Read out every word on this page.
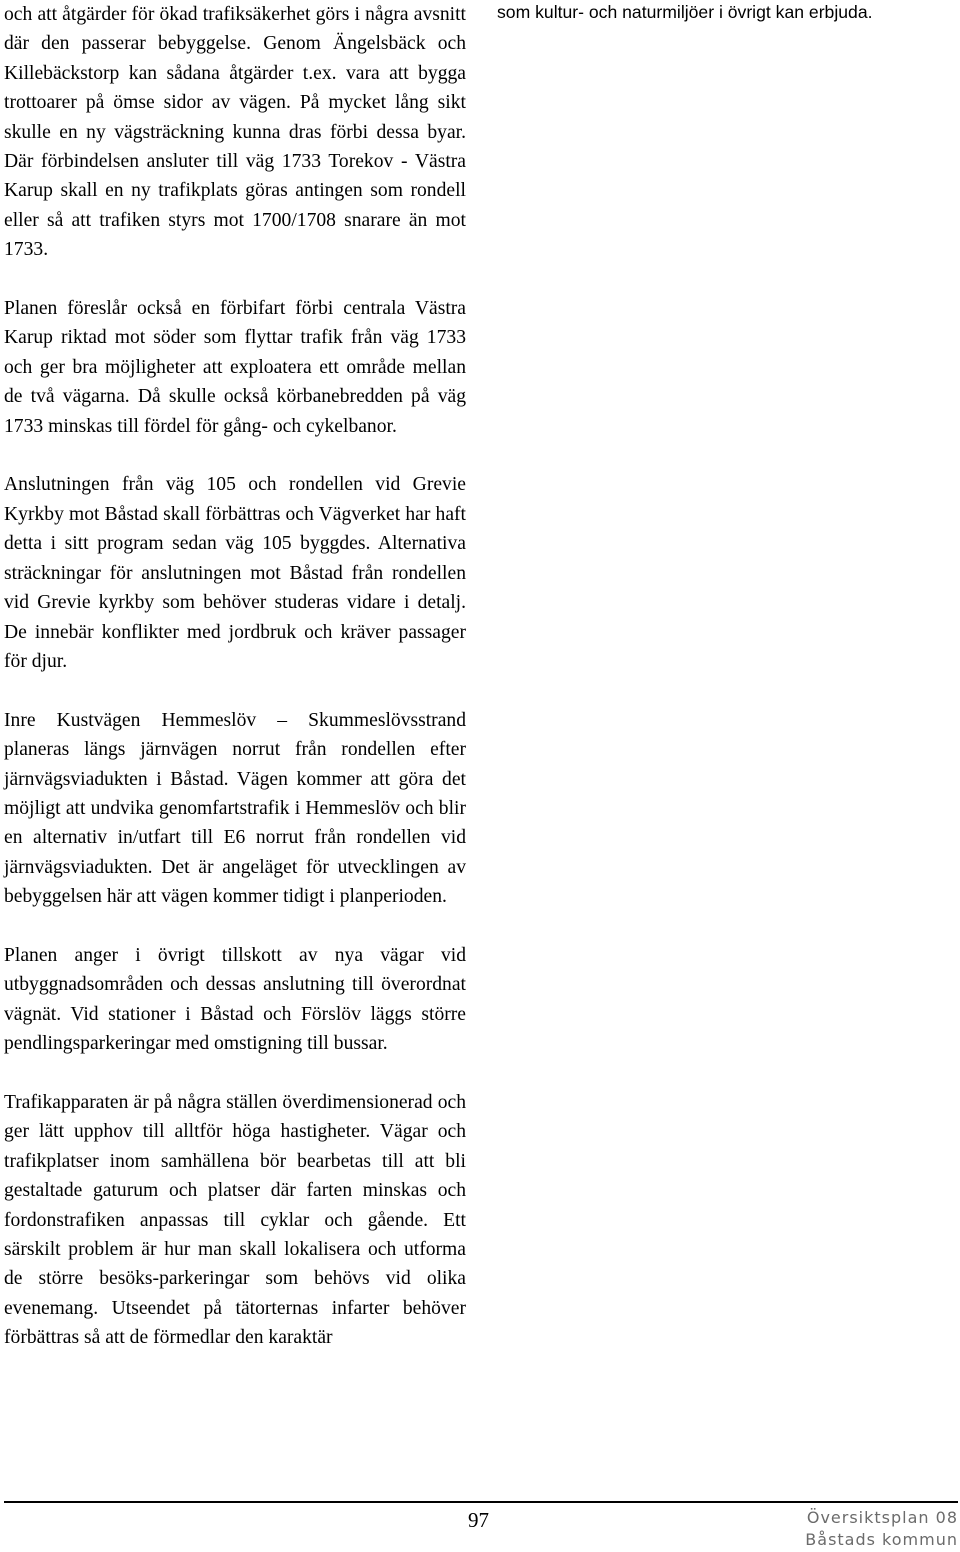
och att åtgärder för ökad trafiksäkerhet görs i några avsnitt där den passerar bebyggelse. Genom Ängelsbäck och Killebäckstorp kan sådana åtgärder t.ex. vara att bygga trottoarer på ömse sidor av vägen. På mycket lång sikt skulle en ny vägsträckning kunna dras förbi dessa byar. Där förbindelsen ansluter till väg 1733 Torekov - Västra Karup skall en ny trafikplats göras antingen som rondell eller så att trafiken styrs mot 1700/1708 snarare än mot 1733.

Planen föreslår också en förbifart förbi centrala Västra Karup riktad mot söder som flyttar trafik från väg 1733 och ger bra möjligheter att exploatera ett område mellan de två vägarna. Då skulle också körbanebredden på väg 1733 minskas till fördel för gång- och cykelbanor.

Anslutningen från väg 105 och rondellen vid Grevie Kyrkby mot Båstad skall förbättras och Vägverket har haft detta i sitt program sedan väg 105 byggdes. Alternativa sträckningar för anslutningen mot Båstad från rondellen vid Grevie kyrkby som behöver studeras vidare i detalj. De innebär konflikter med jordbruk och kräver passager för djur.

Inre Kustvägen Hemmeslöv – Skummeslövsstrand planeras längs järnvägen norrut från rondellen efter järnvägsviadukten i Båstad. Vägen kommer att göra det möjligt att undvika genomfartstrafik i Hemmeslöv och blir en alternativ in/utfart till E6 norrut från rondellen vid järnvägsviadukten. Det är angeläget för utvecklingen av bebyggelsen här att vägen kommer tidigt i planperioden.

Planen anger i övrigt tillskott av nya vägar vid utbyggnadsområden och dessas anslutning till överordnat vägnät. Vid stationer i Båstad och Förslöv läggs större pendlingsparkeringar med omstigning till bussar.

Trafikapparaten är på några ställen överdimensionerad och ger lätt upphov till alltför höga hastigheter. Vägar och trafikplatser inom samhällena bör bearbetas till att bli gestaltade gaturum och platser där farten minskas och fordonstrafiken anpassas till cyklar och gående. Ett särskilt problem är hur man skall lokalisera och utforma de större besöks-parkeringar som behövs vid olika evenemang. Utseendet på tätorternas infarter behöver förbättras så att de förmedlar den karaktär

som kultur- och naturmiljöer i övrigt kan erbjuda.

97	Översiktsplan 08
Båstads kommun
